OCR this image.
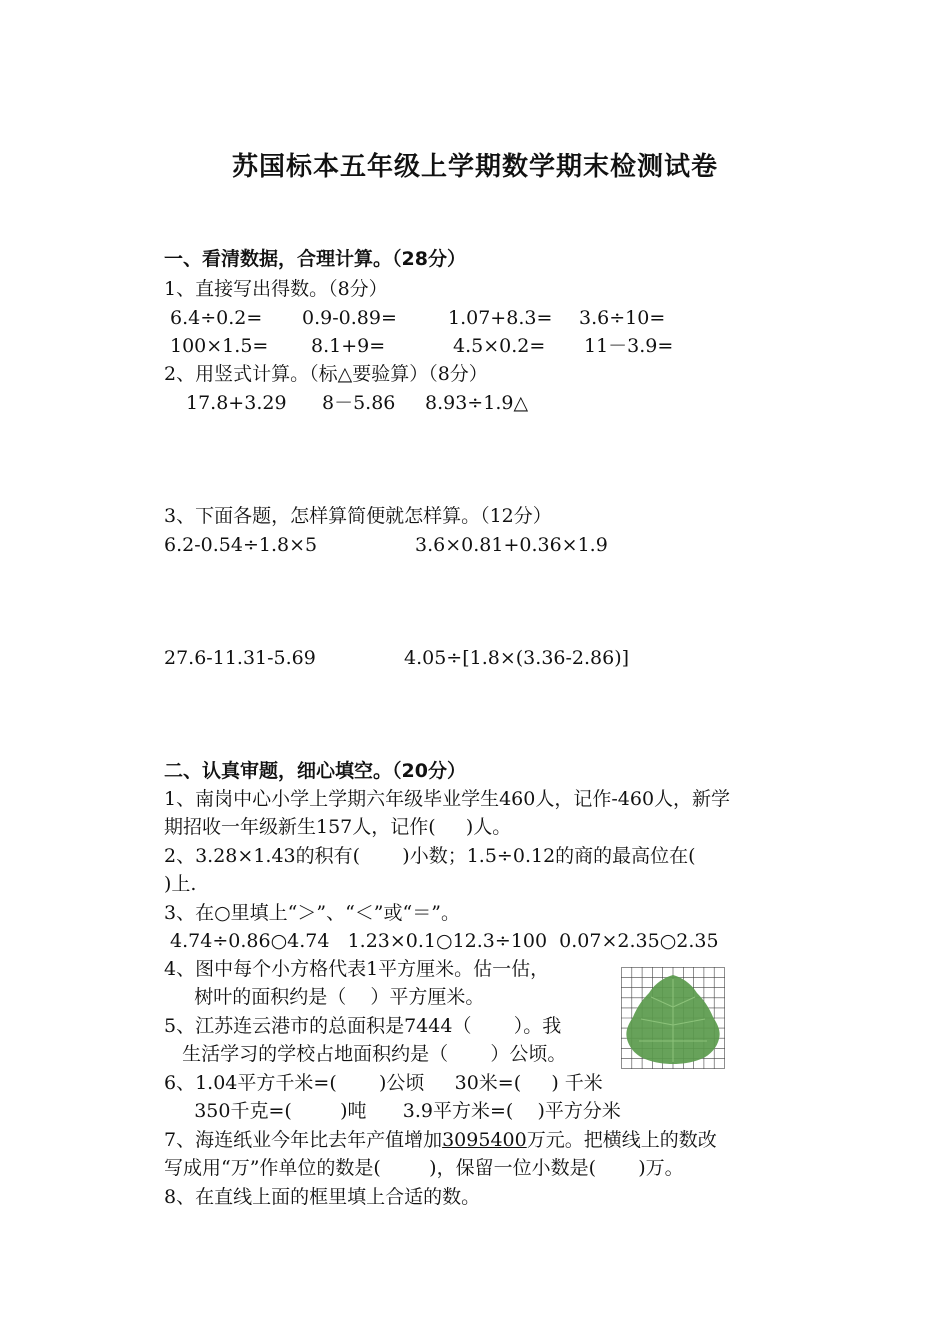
苏国标本五年级上学期数学期末检测试卷
一、看清数据，合理计算。（28分）
1、直接写出得数。（8分）
6.4÷0.2= 0.9-0.89=	1.07+8.3= 3.6÷10=
100×1.5= 8.1+9=	4.5×0.2= 11－3.9=
2、用竖式计算。（标△要验算）（8分）
17.8+3.29 8－5.86 8.93÷1.9△
3、下面各题，怎样算简便就怎样算。（12分）
6.2-0.54÷1.8×5	3.6×0.81+0.36×1.9
27.6-11.31-5.69	4.05÷[1.8×(3.36-2.86)]
二、认真审题，细心填空。（20分）
1、南岗中心小学上学期六年级毕业学生460人，记作-460人，新学
期招收一年级新生157人，记作(     )人。
2、3.28×1.43的积有(       )小数；1.5÷0.12的商的最高位在(
)上.
3、在○里填上“＞”、“＜”或“＝”。
4.74÷0.86○4.74   1.23×0.1○12.3÷100  0.07×2.35○2.35
4、图中每个小方格代表1平方厘米。估一估，
树叶的面积约是（    ）平方厘米。
5、江苏连云港市的总面积是7444（       ）。我
生活学习的学校占地面积约是（       ）公顷。
6、1.04平方千米=(       )公顷     30米=(     ) 千米
350千克=(        )吨      3.9平方米=(    )平方分米
7、海连纸业今年比去年产值增加3095400万元。把横线上的数改
写成用“万”作单位的数是(        )，保留一位小数是(       )万。
8、在直线上面的框里填上合适的数。
